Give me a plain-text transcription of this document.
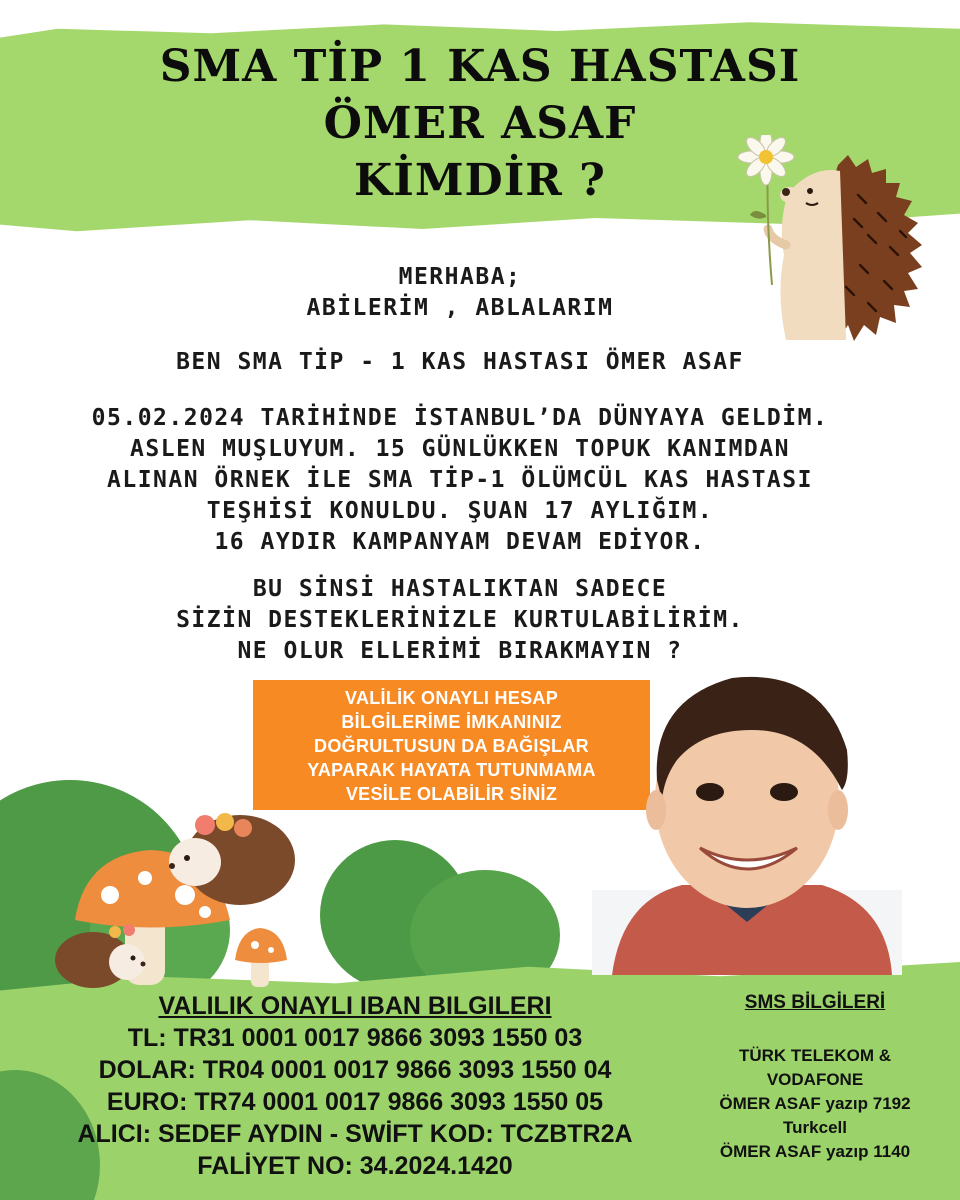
SMA TİP 1 KAS HASTASI
ÖMER ASAF
KİMDİR ?
MERHABA;
ABİLERİM , ABLALARIM
BEN SMA TİP - 1 KAS HASTASI ÖMER ASAF
05.02.2024 TARİHİNDE İSTANBUL’DA DÜNYAYA GELDİM.
ASLEN MUŞLUYUM. 15 GÜNLÜKKEN TOPUK KANIMDAN
ALINAN ÖRNEK İLE SMA TİP-1 ÖLÜMCÜL KAS HASTASI
TEŞHİSİ KONULDU. ŞUAN 17 AYLIĞIM.
16 AYDIR KAMPANYAM DEVAM EDİYOR.
BU SİNSİ HASTALIKTAN SADECE
SİZİN DESTEKLERİNİZLE KURTULABİLİRİM.
NE OLUR ELLERİMİ BIRAKMAYIN ?
VALİLİK ONAYLI HESAP
BİLGİLERİME İMKANINIZ
DOĞRULTUSUN DA BAĞIŞLAR
YAPARAK HAYATA TUTUNMAMA
VESİLE OLABİLİR SİNİZ
VALILIK ONAYLI IBAN BILGILERI
TL: TR31 0001 0017 9866 3093 1550 03
DOLAR: TR04 0001 0017 9866 3093 1550 04
EURO: TR74 0001 0017 9866 3093 1550 05
ALICI: SEDEF AYDIN - SWİFT KOD: TCZBTR2A
FALİYET NO: 34.2024.1420
SMS BİLGİLERİ
TÜRK TELEKOM &
VODAFONE
ÖMER ASAF yazıp 7192
Turkcell
ÖMER ASAF yazıp 1140
